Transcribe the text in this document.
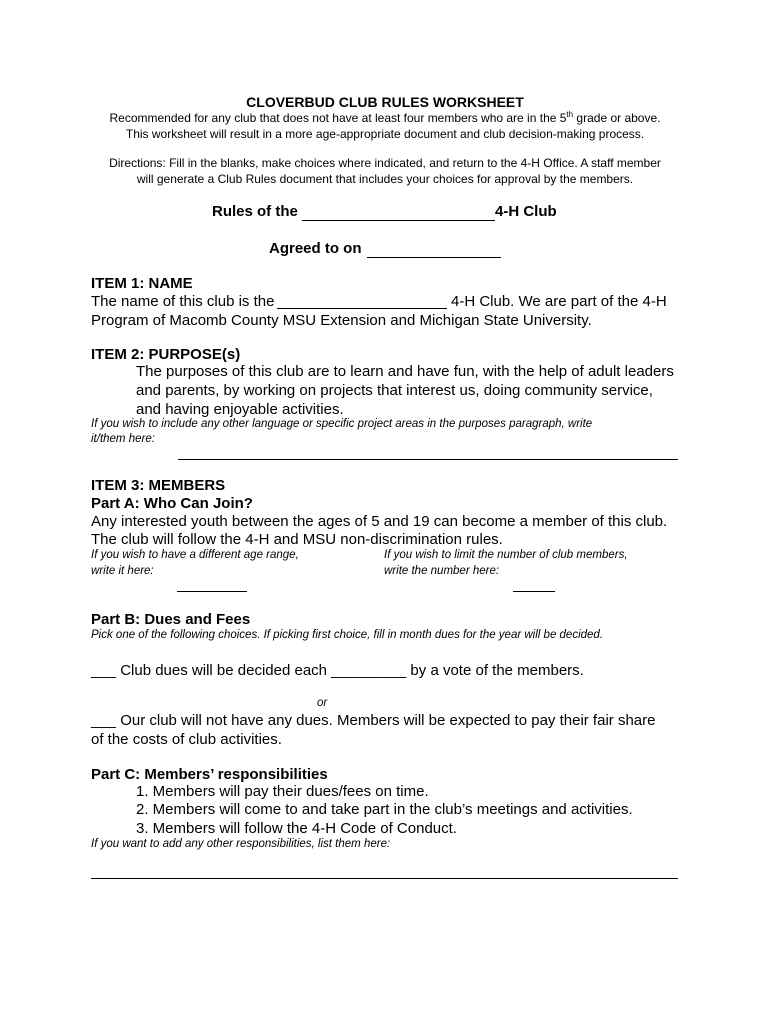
CLOVERBUD CLUB RULES WORKSHEET
Recommended for any club that does not have at least four members who are in the 5th grade or above.
This worksheet will result in a more age-appropriate document and club decision-making process.
Directions: Fill in the blanks, make choices where indicated, and return to the 4-H Office. A staff member
will generate a Club Rules document that includes your choices for approval by the members.
Rules of the	4-H Club
Agreed to on
ITEM 1: NAME
The name of this club is the	4-H Club. We are part of the 4-H
Program of Macomb County MSU Extension and Michigan State University.
ITEM 2: PURPOSE(s)
The purposes of this club are to learn and have fun, with the help of adult leaders
and parents, by working on projects that interest us, doing community service,
and having enjoyable activities.
If you wish to include any other language or specific project areas in the purposes paragraph, write
it/them here:
ITEM 3: MEMBERS
Part A: Who Can Join?
Any interested youth between the ages of 5 and 19 can become a member of this club.
The club will follow the 4-H and MSU non-discrimination rules.
If you wish to have a different age range,
write it here:
If you wish to limit the number of club members,
write the number here:
Part B: Dues and Fees
Pick one of the following choices. If picking first choice, fill in month dues for the year will be decided.
___ Club dues will be decided each _________ by a vote of the members.
or
___ Our club will not have any dues. Members will be expected to pay their fair share
of the costs of club activities.
Part C: Members’ responsibilities
1. Members will pay their dues/fees on time.
2. Members will come to and take part in the club’s meetings and activities.
3. Members will follow the 4-H Code of Conduct.
If you want to add any other responsibilities, list them here:
